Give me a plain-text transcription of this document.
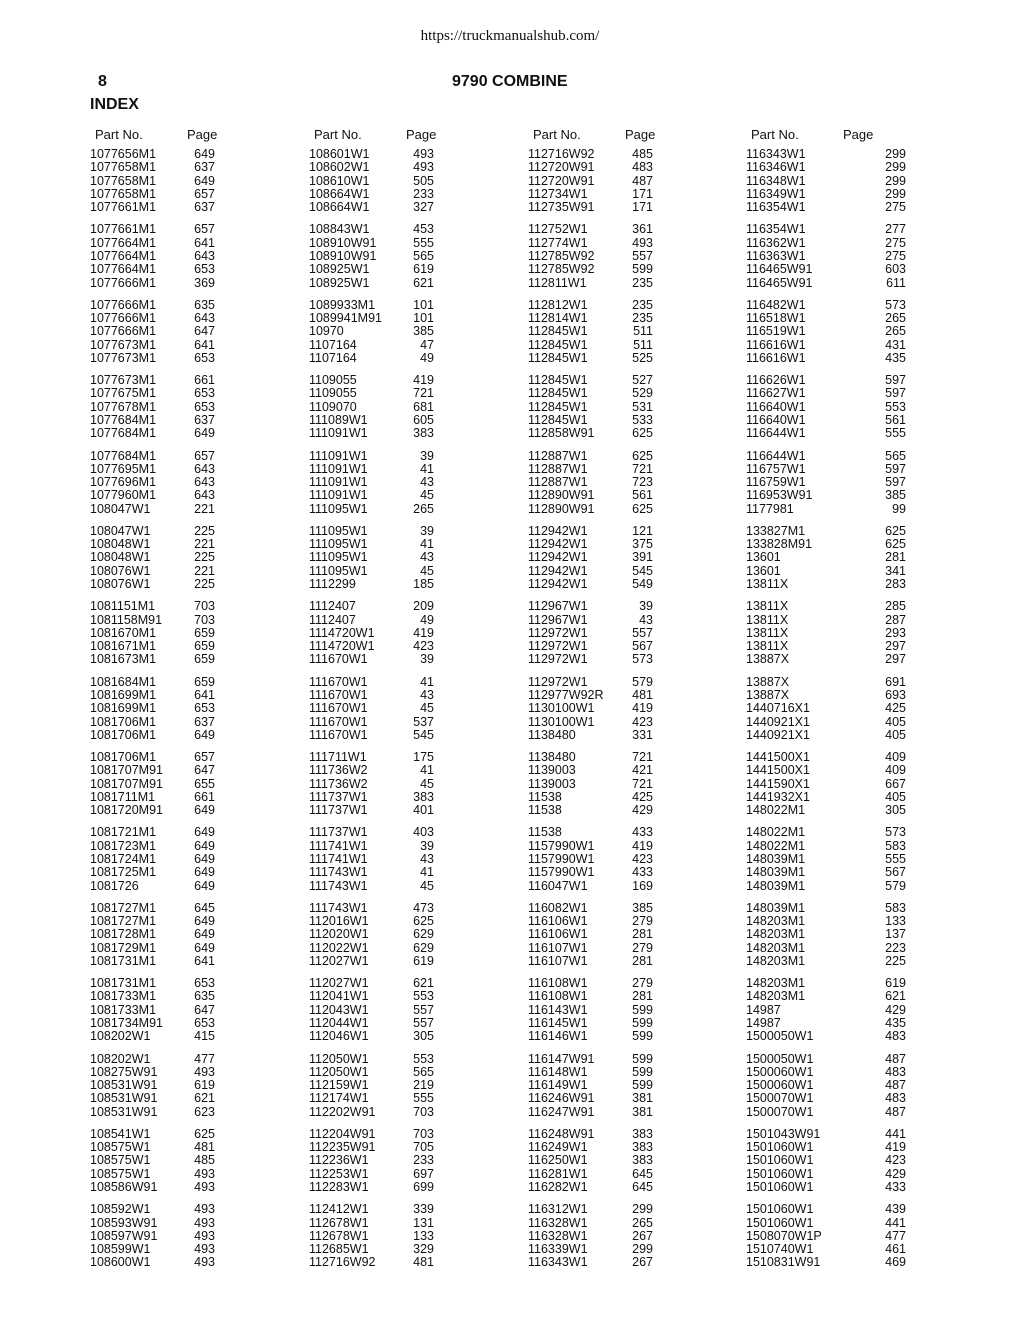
https://truckmanualshub.com/
8	9790 COMBINE
INDEX
Part No.	Page
1077656M1	649
1077658M1	637
1077658M1	649
1077658M1	657
1077661M1	637
1077661M1	657
1077664M1	641
1077664M1	643
1077664M1	653
1077666M1	369
1077666M1	635
1077666M1	643
1077666M1	647
1077673M1	641
1077673M1	653
1077673M1	661
1077675M1	653
1077678M1	653
1077684M1	637
1077684M1	649
1077684M1	657
1077695M1	643
1077696M1	643
1077960M1	643
108047W1	221
108047W1	225
108048W1	221
108048W1	225
108076W1	221
108076W1	225
1081151M1	703
1081158M91	703
1081670M1	659
1081671M1	659
1081673M1	659
1081684M1	659
1081699M1	641
1081699M1	653
1081706M1	637
1081706M1	649
1081706M1	657
1081707M91	647
1081707M91	655
1081711M1	661
1081720M91	649
1081721M1	649
1081723M1	649
1081724M1	649
1081725M1	649
1081726	649
1081727M1	645
1081727M1	649
1081728M1	649
1081729M1	649
1081731M1	641
1081731M1	653
1081733M1	635
1081733M1	647
1081734M91	653
108202W1	415
108202W1	477
108275W91	493
108531W91	619
108531W91	621
108531W91	623
108541W1	625
108575W1	481
108575W1	485
108575W1	493
108586W91	493
108592W1	493
108593W91	493
108597W91	493
108599W1	493
108600W1	493
Part No.	Page
108601W1	493
108602W1	493
108610W1	505
108664W1	233
108664W1	327
108843W1	453
108910W91	555
108910W91	565
108925W1	619
108925W1	621
1089933M1	101
1089941M91	101
10970	385
1107164	47
1107164	49
1109055	419
1109055	721
1109070	681
111089W1	605
111091W1	383
111091W1	39
111091W1	41
111091W1	43
111091W1	45
111095W1	265
111095W1	39
111095W1	41
111095W1	43
111095W1	45
1112299	185
1112407	209
1112407	49
1114720W1	419
1114720W1	423
111670W1	39
111670W1	41
111670W1	43
111670W1	45
111670W1	537
111670W1	545
111711W1	175
111736W2	41
111736W2	45
111737W1	383
111737W1	401
111737W1	403
111741W1	39
111741W1	43
111743W1	41
111743W1	45
111743W1	473
112016W1	625
112020W1	629
112022W1	629
112027W1	619
112027W1	621
112041W1	553
112043W1	557
112044W1	557
112046W1	305
112050W1	553
112050W1	565
112159W1	219
112174W1	555
112202W91	703
112204W91	703
112235W91	705
112236W1	233
112253W1	697
112283W1	699
112412W1	339
112678W1	131
112678W1	133
112685W1	329
112716W92	481
Part No.	Page
112716W92	485
112720W91	483
112720W91	487
112734W1	171
112735W91	171
112752W1	361
112774W1	493
112785W92	557
112785W92	599
112811W1	235
112812W1	235
112814W1	235
112845W1	511
112845W1	511
112845W1	525
112845W1	527
112845W1	529
112845W1	531
112845W1	533
112858W91	625
112887W1	625
112887W1	721
112887W1	723
112890W91	561
112890W91	625
112942W1	121
112942W1	375
112942W1	391
112942W1	545
112942W1	549
112967W1	39
112967W1	43
112972W1	557
112972W1	567
112972W1	573
112972W1	579
112977W92R	481
1130100W1	419
1130100W1	423
1138480	331
1138480	721
1139003	421
1139003	721
11538	425
11538	429
11538	433
1157990W1	419
1157990W1	423
1157990W1	433
116047W1	169
116082W1	385
116106W1	279
116106W1	281
116107W1	279
116107W1	281
116108W1	279
116108W1	281
116143W1	599
116145W1	599
116146W1	599
116147W91	599
116148W1	599
116149W1	599
116246W91	381
116247W91	381
116248W91	383
116249W1	383
116250W1	383
116281W1	645
116282W1	645
116312W1	299
116328W1	265
116328W1	267
116339W1	299
116343W1	267
Part No.	Page
116343W1	299
116346W1	299
116348W1	299
116349W1	299
116354W1	275
116354W1	277
116362W1	275
116363W1	275
116465W91	603
116465W91	611
116482W1	573
116518W1	265
116519W1	265
116616W1	431
116616W1	435
116626W1	597
116627W1	597
116640W1	553
116640W1	561
116644W1	555
116644W1	565
116757W1	597
116759W1	597
116953W91	385
1177981	99
133827M1	625
133828M91	625
13601	281
13601	341
13811X	283
13811X	285
13811X	287
13811X	293
13811X	297
13887X	297
13887X	691
13887X	693
1440716X1	425
1440921X1	405
1440921X1	405
1441500X1	409
1441500X1	409
1441590X1	667
1441932X1	405
148022M1	305
148022M1	573
148022M1	583
148039M1	555
148039M1	567
148039M1	579
148039M1	583
148203M1	133
148203M1	137
148203M1	223
148203M1	225
148203M1	619
148203M1	621
14987	429
14987	435
1500050W1	483
1500050W1	487
1500060W1	483
1500060W1	487
1500070W1	483
1500070W1	487
1501043W91	441
1501060W1	419
1501060W1	423
1501060W1	429
1501060W1	433
1501060W1	439
1501060W1	441
1508070W1P	477
1510740W1	461
1510831W91	469
